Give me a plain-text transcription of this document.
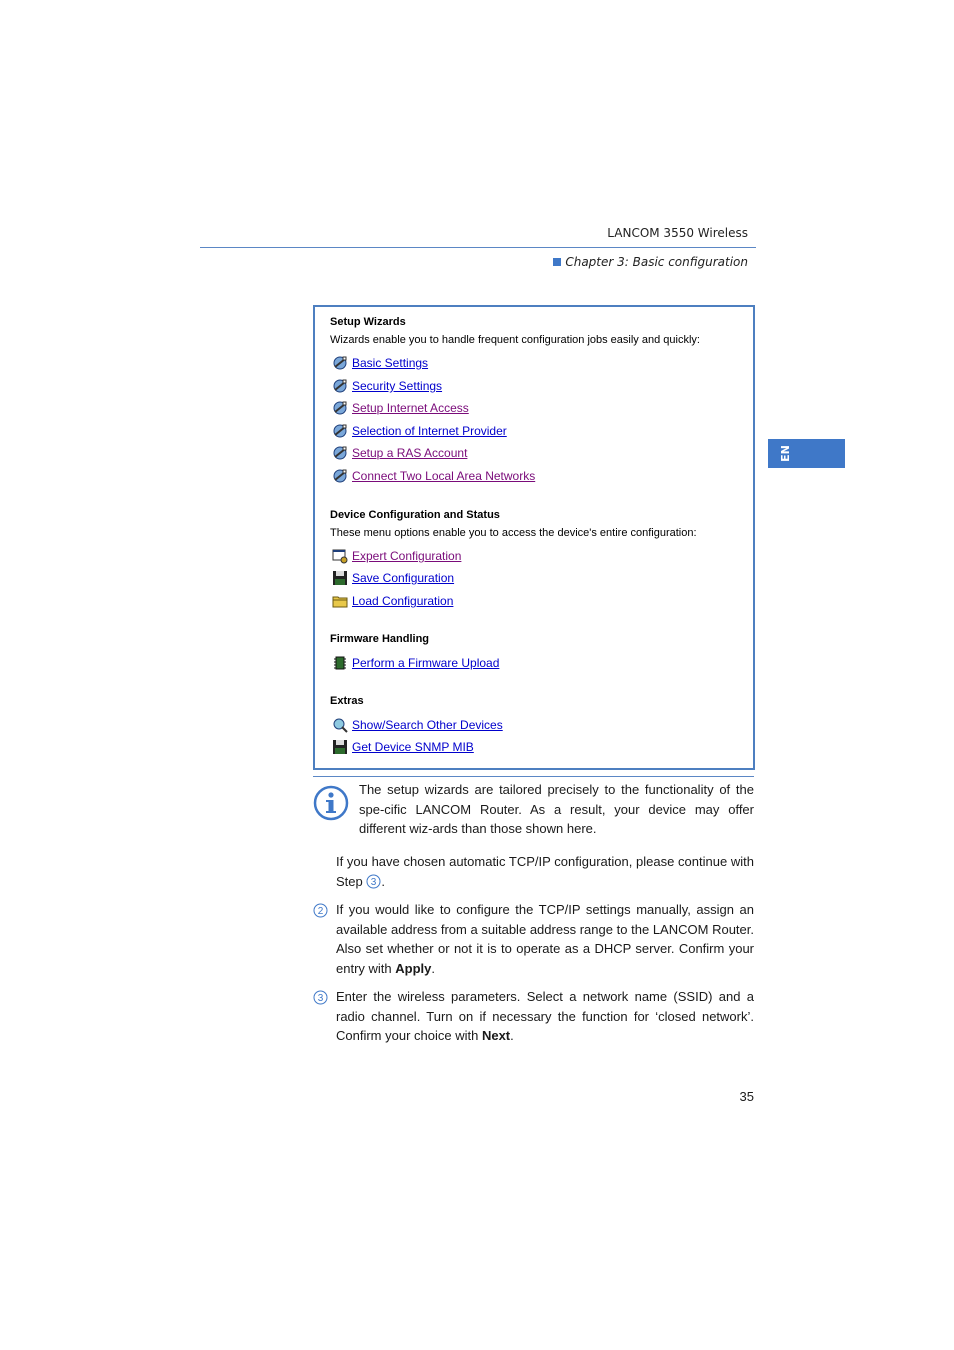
LANCOM 3550 Wireless
Chapter 3: Basic configuration
EN
Setup Wizards
Wizards enable you to handle frequent configuration jobs easily and quickly:
Basic Settings
Security Settings
Setup Internet Access
Selection of Internet Provider
Setup a RAS Account
Connect Two Local Area Networks
Device Configuration and Status
These menu options enable you to access the device's entire configuration:
Expert Configuration
Save Configuration
Load Configuration
Firmware Handling
Perform a Firmware Upload
Extras
Show/Search Other Devices
Get Device SNMP MIB
The setup wizards are tailored precisely to the functionality of the spe-cific LANCOM Router. As a result, your device may offer different wiz-ards than those shown here.
If you have chosen automatic TCP/IP configuration, please continue with Step 3 .
2 If you would like to configure the TCP/IP settings manually, assign an available address from a suitable address range to the LANCOM Router. Also set whether or not it is to operate as a DHCP server. Confirm your entry with Apply.
3 Enter the wireless parameters. Select a network name (SSID) and a radio channel. Turn on if necessary the function for ‘closed network’. Confirm your choice with Next.
35
